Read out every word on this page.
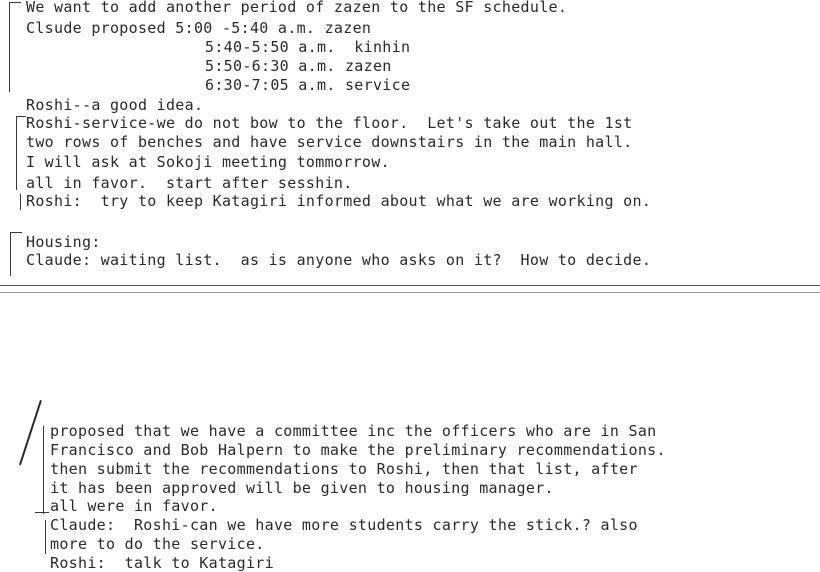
We want to add another period of zazen to the SF schedule.
Clsude proposed 5:00 -5:40 a.m. zazen
5:40-5:50 a.m.  kinhin
5:50-6:30 a.m. zazen
6:30-7:05 a.m. service
Roshi--a good idea.
Roshi-service-we do not bow to the floor.  Let's take out the 1st
two rows of benches and have service downstairs in the main hall.
I will ask at Sokoji meeting tommorrow.
all in favor.  start after sesshin.
Roshi:  try to keep Katagiri informed about what we are working on.
Housing:
Claude: waiting list.  as is anyone who asks on it?  How to decide.
proposed that we have a committee inc the officers who are in San
Francisco and Bob Halpern to make the preliminary recommendations.
then submit the recommendations to Roshi, then that list, after
it has been approved will be given to housing manager.
all were in favor.
Claude:  Roshi-can we have more students carry the stick.? also
more to do the service.
Roshi:  talk to Katagiri
